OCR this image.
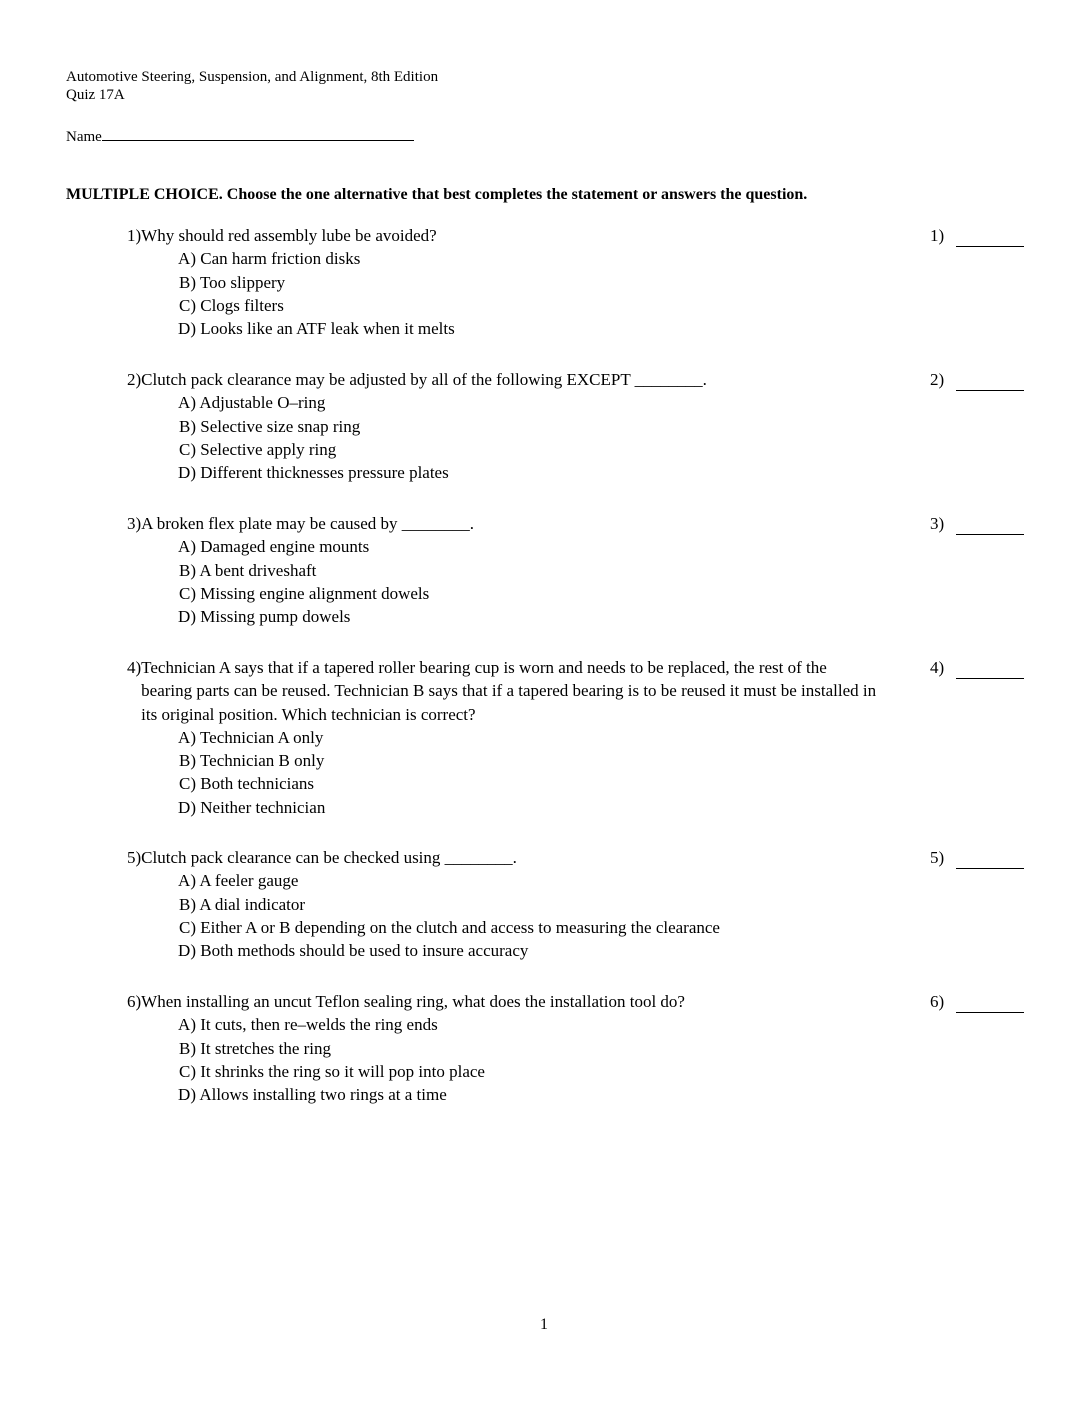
Automotive Steering, Suspension, and Alignment, 8th Edition
Quiz 17A
Name
MULTIPLE CHOICE. Choose the one alternative that best completes the statement or answers the question.
1) Why should red assembly lube be avoided?
A) Can harm friction disks
B) Too slippery
C) Clogs filters
D) Looks like an ATF leak when it melts
1)
2) Clutch pack clearance may be adjusted by all of the following EXCEPT ________.
A) Adjustable O–ring
B) Selective size snap ring
C) Selective apply ring
D) Different thicknesses pressure plates
2)
3) A broken flex plate may be caused by ________.
A) Damaged engine mounts
B) A bent driveshaft
C) Missing engine alignment dowels
D) Missing pump dowels
3)
4) Technician A says that if a tapered roller bearing cup is worn and needs to be replaced, the rest of the bearing parts can be reused. Technician B says that if a tapered bearing is to be reused it must be installed in its original position. Which technician is correct?
A) Technician A only
B) Technician B only
C) Both technicians
D) Neither technician
4)
5) Clutch pack clearance can be checked using ________.
A) A feeler gauge
B) A dial indicator
C) Either A or B depending on the clutch and access to measuring the clearance
D) Both methods should be used to insure accuracy
5)
6) When installing an uncut Teflon sealing ring, what does the installation tool do?
A) It cuts, then re–welds the ring ends
B) It stretches the ring
C) It shrinks the ring so it will pop into place
D) Allows installing two rings at a time
6)
1
